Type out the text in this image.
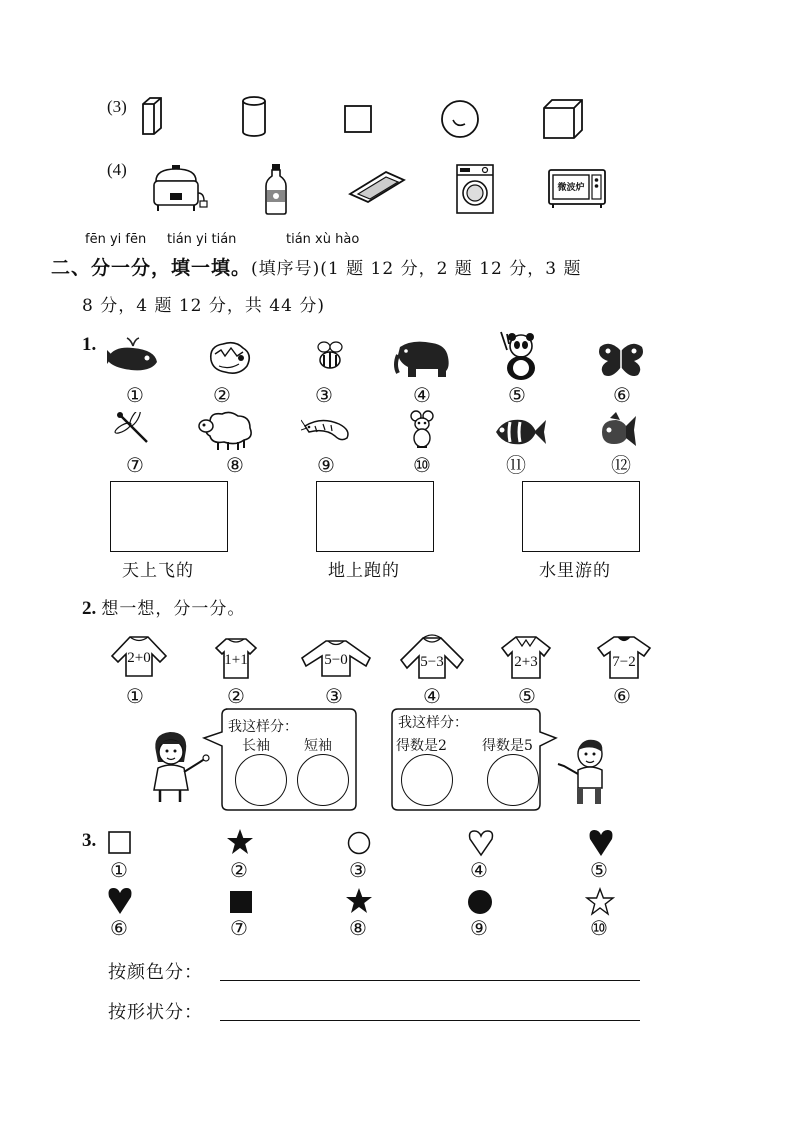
(3)
(4)
微波炉
fēn yi fēn tián yi tián	tián xù hào
二、分一分，填一填。(填序号)(1 题 12 分，2 题 12 分，3 题
8 分，4 题 12 分，共 44 分)
1.
①	②	③	④	⑤	⑥
⑦	⑧	⑨	⑩	⑪	⑫
天上飞的	地上跑的	水里游的
2. 想一想，分一分。
2+0	1+1	5−0	5−3	2+3	7−2
①	②	③	④	⑤	⑥
我这样分：
长袖 短袖
我这样分：
得数是2	得数是5
3.
①	②	③	④	⑤
⑥	⑦	⑧	⑨	⑩
按颜色分：
按形状分：
